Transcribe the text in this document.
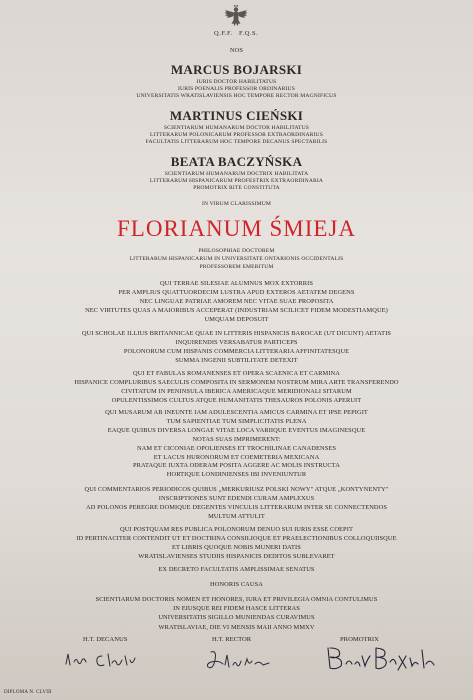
Q.F.F. F.Q.S.
NOS
MARCUS BOJARSKI
IURIS DOCTOR HABILITATUS
IURIS POENALIS PROFESSOR ORDINARIUS
UNIVERSITATIS WRATISLAVIENSIS HOC TEMPORE RECTOR MAGNIFICUS
MARTINUS CIEŃSKI
SCIENTIARUM HUMANARUM DOCTOR HABILITATUS
LITTERARUM POLONICARUM PROFESSOR EXTRAORDINARIUS
FACULTATIS LITTERARUM HOC TEMPORE DECANUS SPECTABILIS
BEATA BACZYŃSKA
SCIENTIARUM HUMANARUM DOCTRIX HABILITATA
LITTERARUM HISPANICARUM PROFESTRIX EXTRAORDINARIA
PROMOTRIX RITE CONSTITUTA
IN VIRUM CLARISSIMUM
FLORIANUM ŚMIEJA
PHILOSOPHIAE DOCTOREM
LITTERARUM HISPANICARUM IN UNIVERSITATE ONTARIONIS OCCIDENTALIS
PROFESSOREM EMERITUM

QUI TERRAE SILESIAE ALUMNUS MOX EXTORRIS

PER AMPLIUS QUATTUORDECIM LUSTRA APUD EXTEROS AETATEM DEGENS

NEC LINGUAE PATRIAE AMOREM NEC VITAE SUAE PROPOSITA

NEC VIRTUTES QUAS A MAIORIBUS ACCEPERAT (INDUSTRIAM SCILICET FIDEM MODESTIAMQUE)

UMQUAM DEPOSUIT

QUI SCHOLAE ILLIUS BRITANNICAE QUAE IN LITTERIS HISPANICIS BAROCAE (UT DICUNT) AETATIS

INQUIRENDIS VERSABATUR PARTICEPS

POLONORUM CUM HISPANIS COMMERCIA LITTERARIA AFFINITATESQUE

SUMMA INGENII SUBTILITATE DETEXIT

QUI ET FABULAS ROMANENSES ET OPERA SCAENICA ET CARMINA

HISPANICE COMPLURIBUS SAECULIS COMPOSITA IN SERMONEM NOSTRUM MIRA ARTE TRANSFERENDO

CIVITATUM IN PENINSULA IBERICA AMERICAQUE MERIDIONALI SITARUM

OPULENTISSIMOS CULTUS ATQUE HUMANITATIS THESAUROS POLONIS APERUIT

QUI MUSARUM AB INEUNTE IAM ADULESCENTIA AMICUS CARMINA ET IPSE PEPIGIT

TUM SAPIENTIAE TUM SIMPLICITATIS PLENA

EAQUE QUIBUS DIVERSA LONGAE VITAE LOCA VARIIQUE EVENTUS IMAGINESQUE

NOTAS SUAS IMPRIMERENT:

NAM ET CICONIAE OPOLIENSES ET TROCHILINAE CANADENSES

ET LACUS HURONORUM ET COEMETERIA MEXICANA

PRATAQUE IUXTA ODERAM POSITA AGGERE AC MOLIS INSTRUCTA

HORTIQUE LONDINIENSES IBI INVENIUNTUR

QUI COMMENTARIOS PERIODICOS QUIBUS „MERKURIUSZ POLSKI NOWY" ATQUE „KONTYNENTY"

INSCRIPTIONES SUNT EDENDI CURAM AMPLEXUS

AD POLONOS PEREGRE DOMIQUE DEGENTES VINCULIS LITTERARUM INTER SE CONNECTENDOS

MULTUM ATTULIT

QUI POSTQUAM RES PUBLICA POLONORUM DENUO SUI IURIS ESSE COEPIT

ID PERTINACITER CONTENDIT UT ET DOCTRINA CONSILIOQUE ET PRAELECTIONIBUS COLLOQUIISQUE

ET LIBRIS QUOQUE NOBIS MUNERI DATIS

WRATISLAVIENSES STUDIIS HISPANICIS DEDITOS SUBLEVARET

EX DECRETO FACULTATIS AMPLISSIMAE SENATUS
HONORIS CAUSA

SCIENTIARUM DOCTORIS NOMEN ET HONORES, IURA ET PRIVILEGIA OMNIA CONTULIMUS

IN EIUSQUE REI FIDEM HASCE LITTERAS

UNIVERSITATIS SIGILLO MUNIENDAS CURAVIMUS

WRATISLAVIAE, DIE VI MENSIS MAII ANNO MMXV
H.T. DECANUS	H.T. RECTOR	PROMOTRIX
DIPLOMA N. CLVIII
